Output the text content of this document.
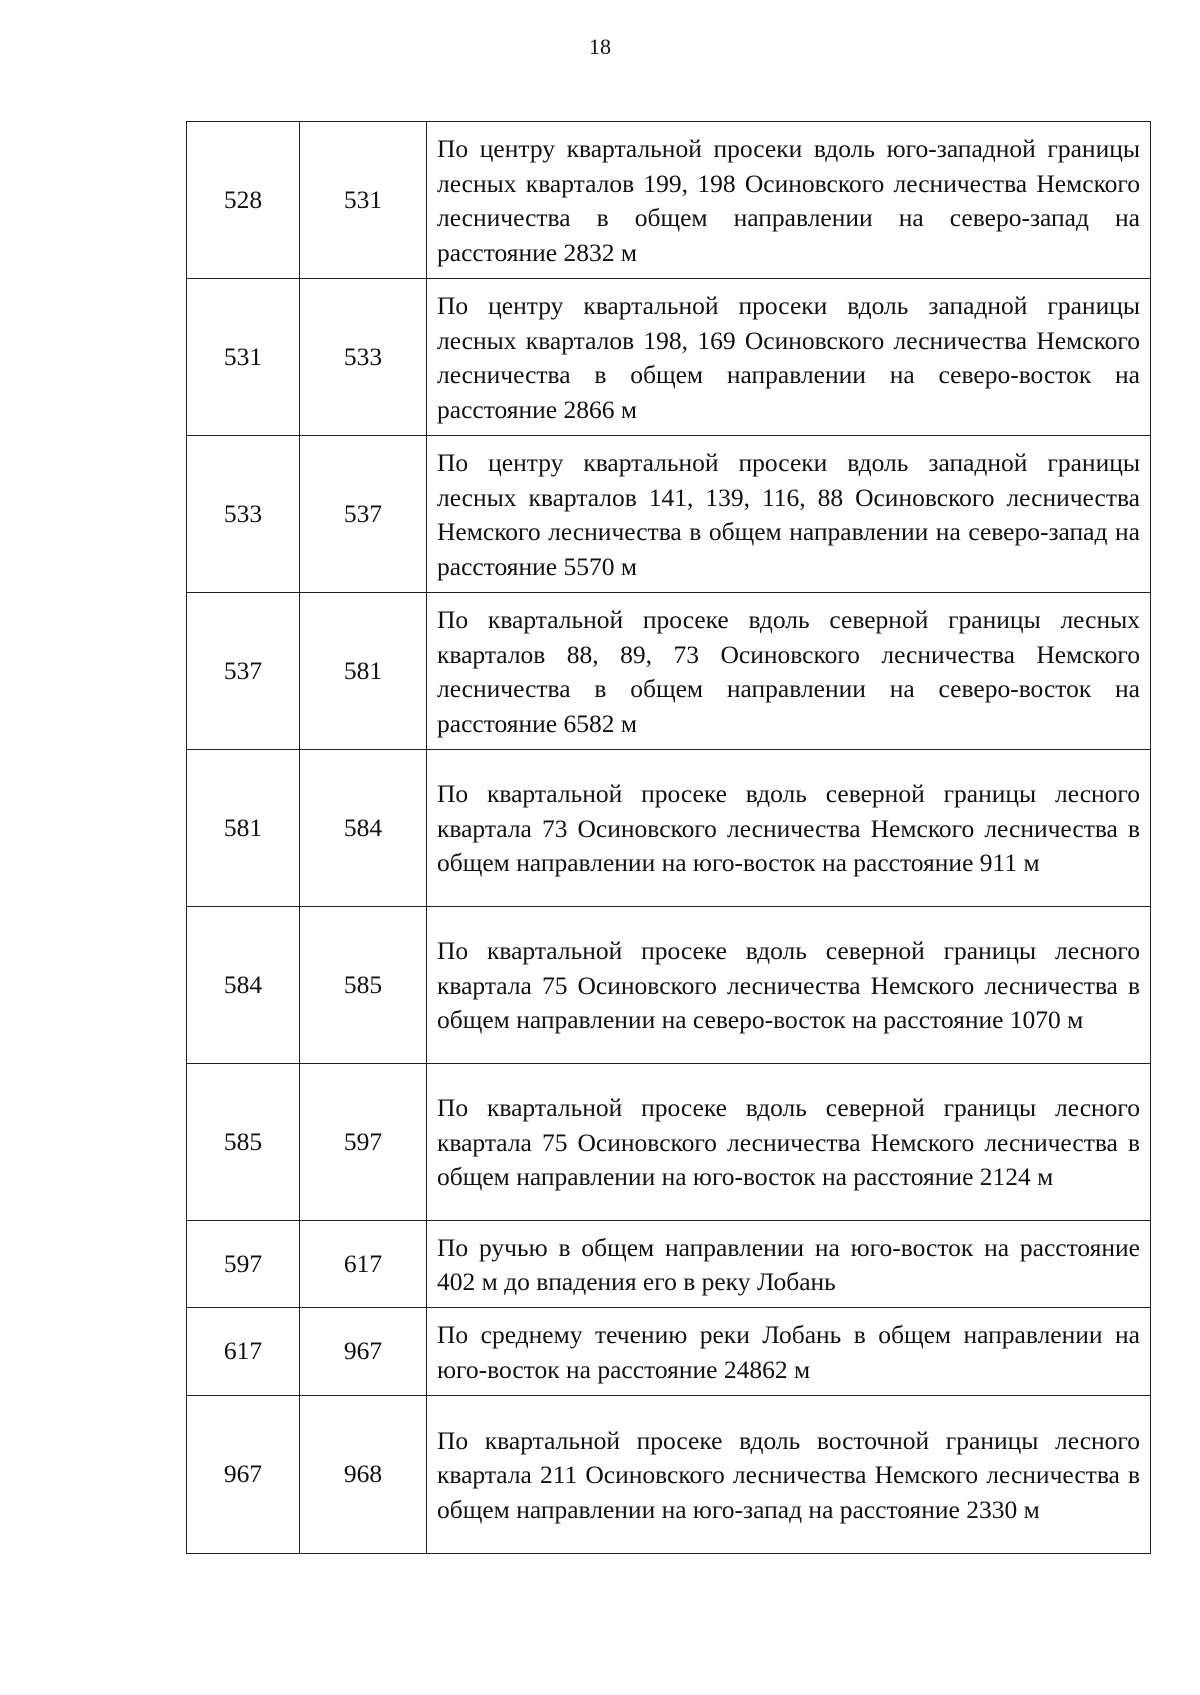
18
528	531	По центру квартальной просеки вдоль юго-западной границы лесных кварталов 199, 198 Осиновского лесничества Немского лесничества в общем направлении на северо-запад на расстояние 2832 м
531	533	По центру квартальной просеки вдоль западной границы лесных кварталов 198, 169 Осиновского лесничества Немского лесничества в общем направлении на северо-восток на расстояние 2866 м
533	537	По центру квартальной просеки вдоль западной границы лесных кварталов 141, 139, 116, 88 Осиновского лесничества Немского лесничества в общем направлении на северо-запад на расстояние 5570 м
537	581	По квартальной просеке вдоль северной границы лесных кварталов 88, 89, 73 Осиновского лесничества Немского лесничества в общем направлении на северо-восток на расстояние 6582 м
581	584	По квартальной просеке вдоль северной границы лесного квартала 73 Осиновского лесничества Немского лесничества в общем направлении на юго-восток на расстояние 911 м
584	585	По квартальной просеке вдоль северной границы лесного квартала 75 Осиновского лесничества Немского лесничества в общем направлении на северо-восток на расстояние 1070 м
585	597	По квартальной просеке вдоль северной границы лесного квартала 75 Осиновского лесничества Немского лесничества в общем направлении на юго-восток на расстояние 2124 м
597	617	По ручью в общем направлении на юго-восток на расстояние 402 м до впадения его в реку Лобань
617	967	По среднему течению реки Лобань в общем направлении на юго-восток на расстояние 24862 м
967	968	По квартальной просеке вдоль восточной границы лесного квартала 211 Осиновского лесничества Немского лесничества в общем направлении на юго-запад на расстояние 2330 м
